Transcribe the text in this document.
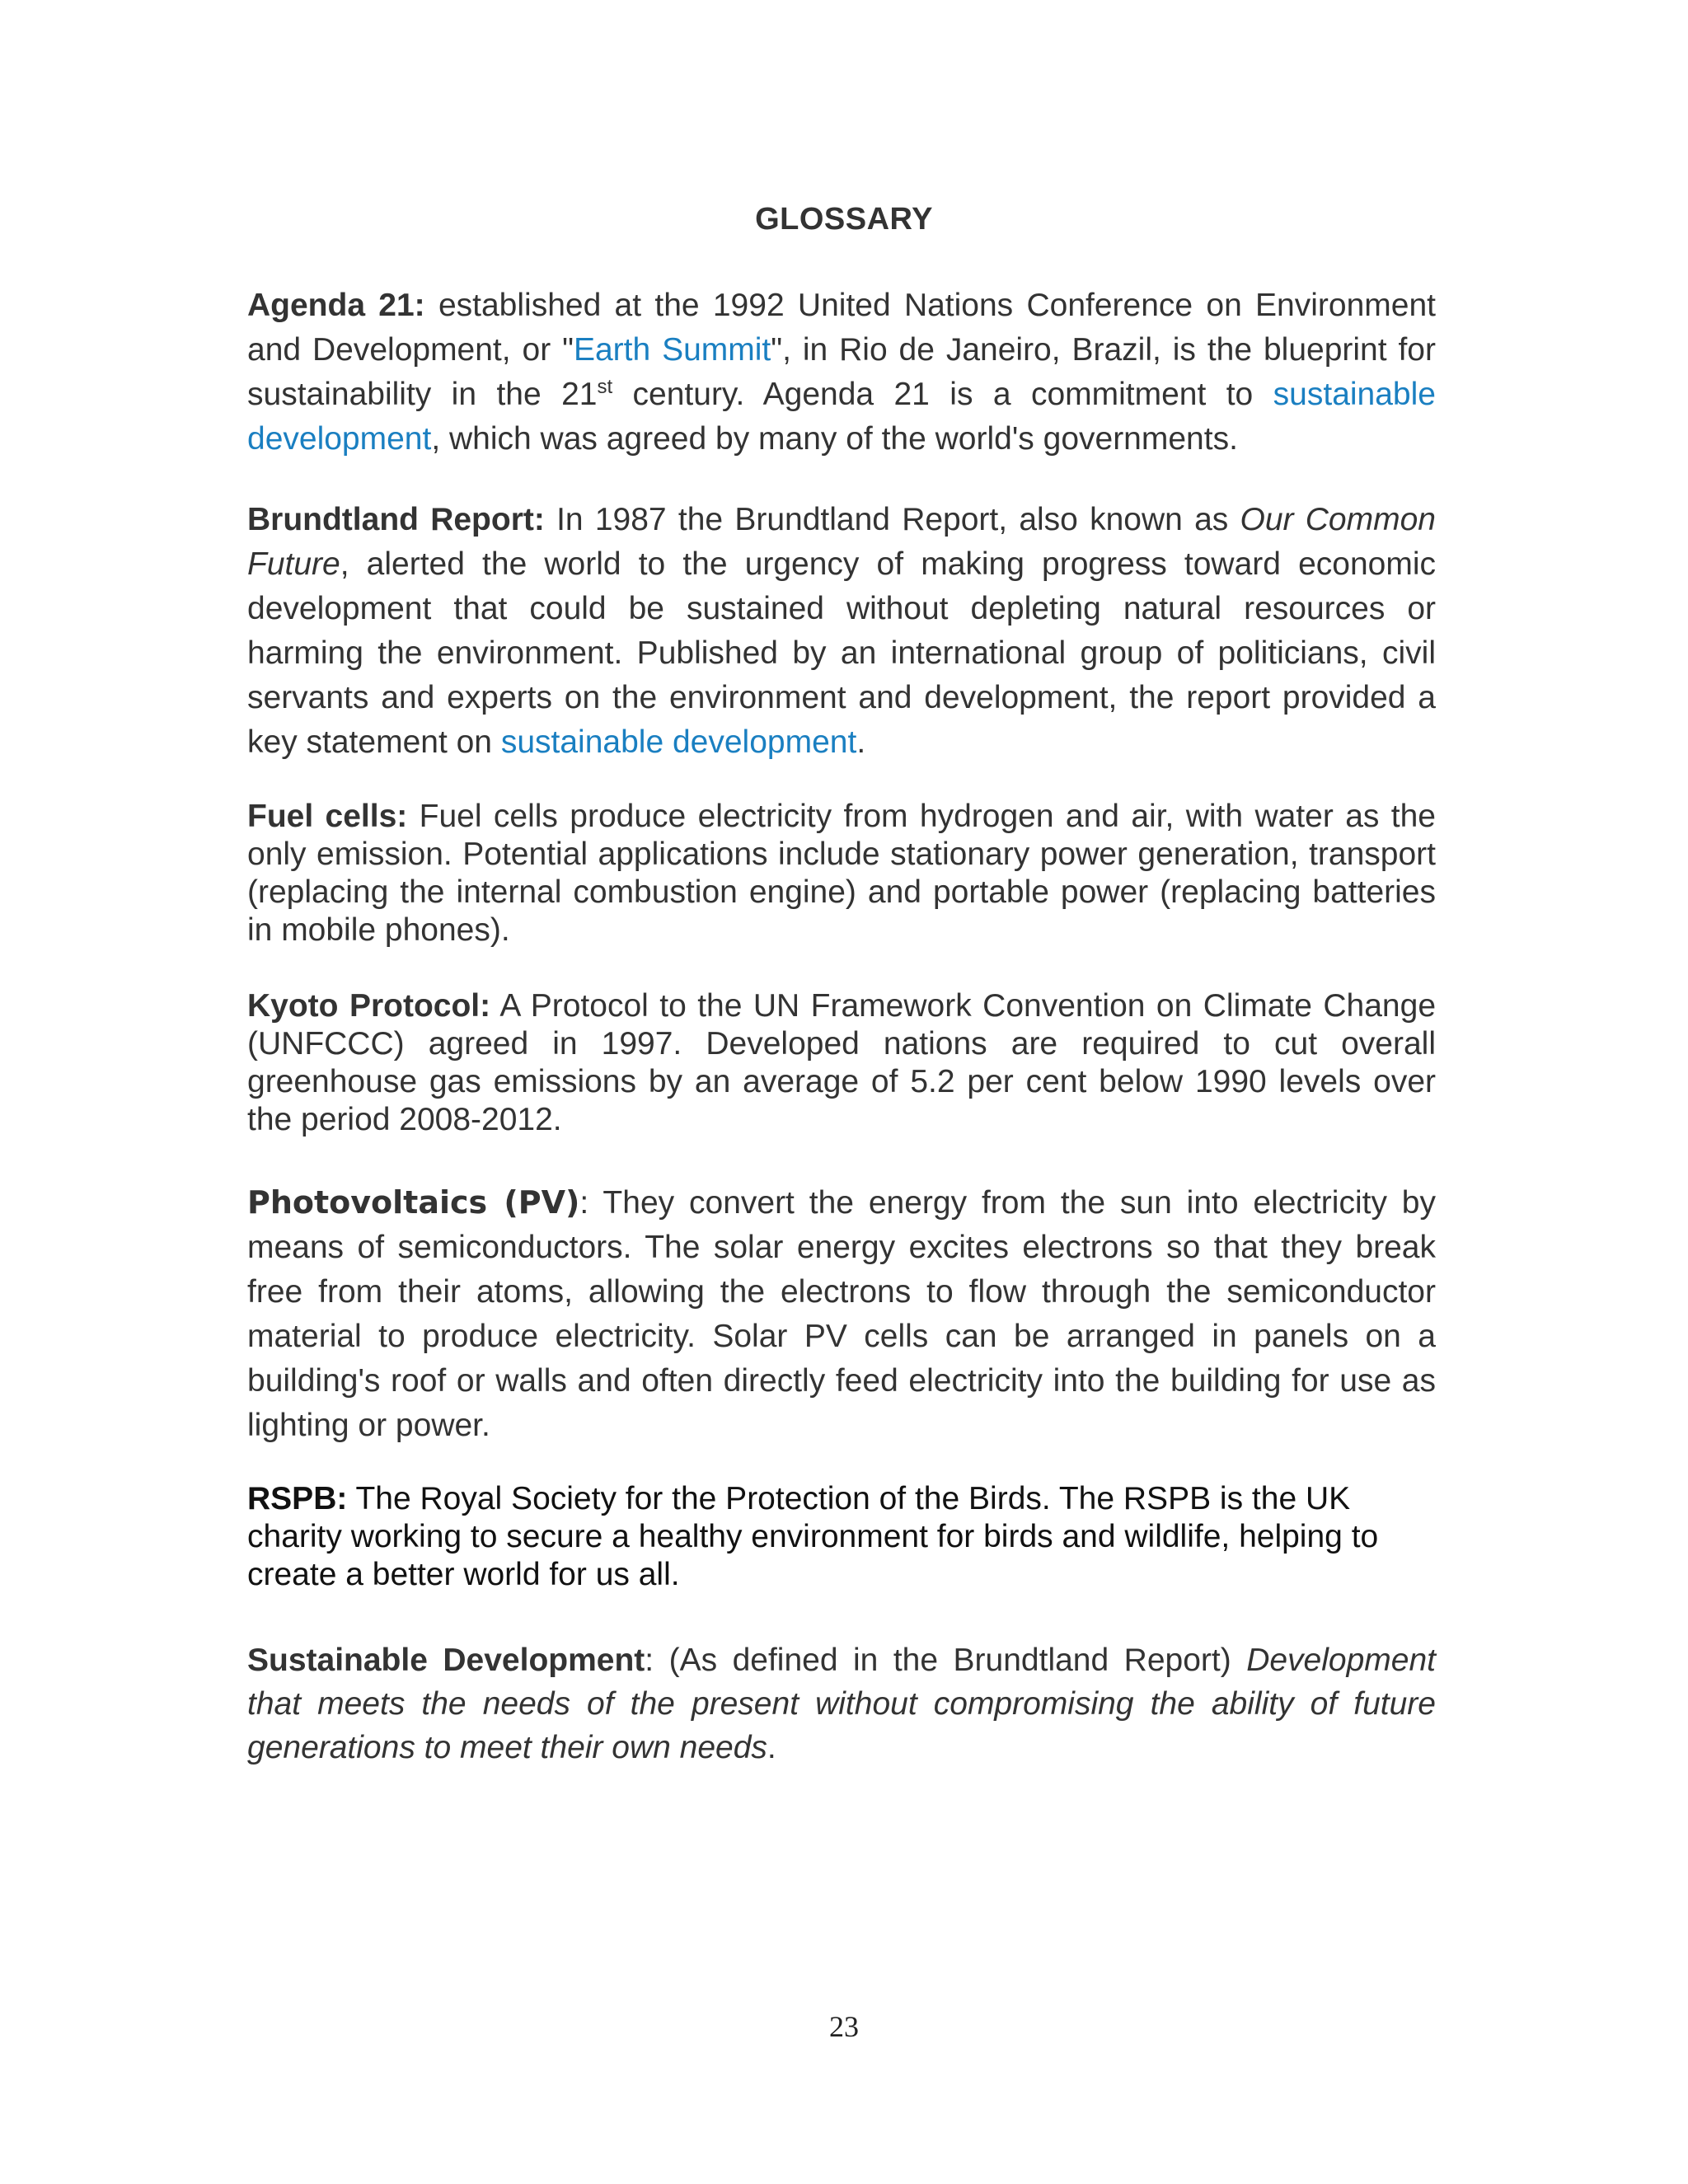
GLOSSARY
Agenda 21: established at the 1992 United Nations Conference on Environment and Development, or "Earth Summit", in Rio de Janeiro, Brazil, is the blueprint for sustainability in the 21st century. Agenda 21 is a commitment to sustainable development, which was agreed by many of the world's governments.
Brundtland Report: In 1987 the Brundtland Report, also known as Our Common Future, alerted the world to the urgency of making progress toward economic development that could be sustained without depleting natural resources or harming the environment. Published by an international group of politicians, civil servants and experts on the environment and development, the report provided a key statement on sustainable development.
Fuel cells: Fuel cells produce electricity from hydrogen and air, with water as the only emission. Potential applications include stationary power generation, transport (replacing the internal combustion engine) and portable power (replacing batteries in mobile phones).
Kyoto Protocol: A Protocol to the UN Framework Convention on Climate Change (UNFCCC) agreed in 1997. Developed nations are required to cut overall greenhouse gas emissions by an average of 5.2 per cent below 1990 levels over the period 2008-2012.
Photovoltaics (PV): They convert the energy from the sun into electricity by means of semiconductors. The solar energy excites electrons so that they break free from their atoms, allowing the electrons to flow through the semiconductor material to produce electricity. Solar PV cells can be arranged in panels on a building's roof or walls and often directly feed electricity into the building for use as lighting or power.
RSPB: The Royal Society for the Protection of the Birds. The RSPB is the UK charity working to secure a healthy environment for birds and wildlife, helping to create a better world for us all.
Sustainable Development: (As defined in the Brundtland Report) Development that meets the needs of the present without compromising the ability of future generations to meet their own needs.
23
